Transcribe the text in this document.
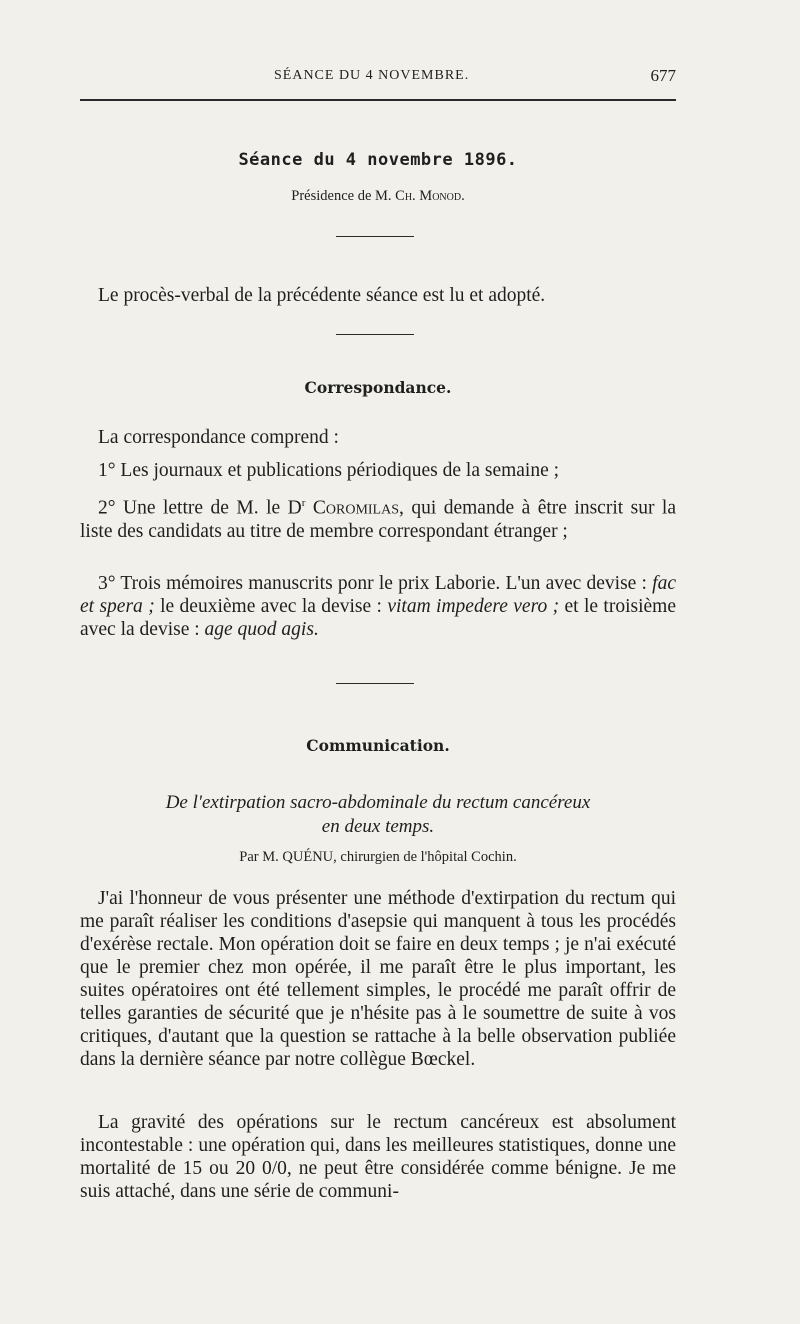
SÉANCE DU 4 NOVEMBRE.	677
Séance du 4 novembre 1896.
Présidence de M. Ch. Monod.
Le procès-verbal de la précédente séance est lu et adopté.
Correspondance.
La correspondance comprend :
1° Les journaux et publications périodiques de la semaine ;
2° Une lettre de M. le $D^r$ Coromilas, qui demande à être inscrit sur la liste des candidats au titre de membre correspondant étranger ;
3° Trois mémoires manuscrits ponr le prix Laborie. L'un avec devise : fac et spera ; le deuxième avec la devise : vitam impedere vero ; et le troisième avec la devise : age quod agis.
Communication.
De l'extirpation sacro-abdominale du rectum cancéreux
en deux temps.
Par M. QUÉNU, chirurgien de l'hôpital Cochin.
J'ai l'honneur de vous présenter une méthode d'extirpation du rectum qui me paraît réaliser les conditions d'asepsie qui manquent à tous les procédés d'exérèse rectale. Mon opération doit se faire en deux temps ; je n'ai exécuté que le premier chez mon opérée, il me paraît être le plus important, les suites opératoires ont été tellement simples, le procédé me paraît offrir de telles garanties de sécurité que je n'hésite pas à le soumettre de suite à vos critiques, d'autant que la question se rattache à la belle observation publiée dans la dernière séance par notre collègue Bœckel.
La gravité des opérations sur le rectum cancéreux est absolument incontestable : une opération qui, dans les meilleures statistiques, donne une mortalité de 15 ou 20 0/0, ne peut être considérée comme bénigne. Je me suis attaché, dans une série de communi-
